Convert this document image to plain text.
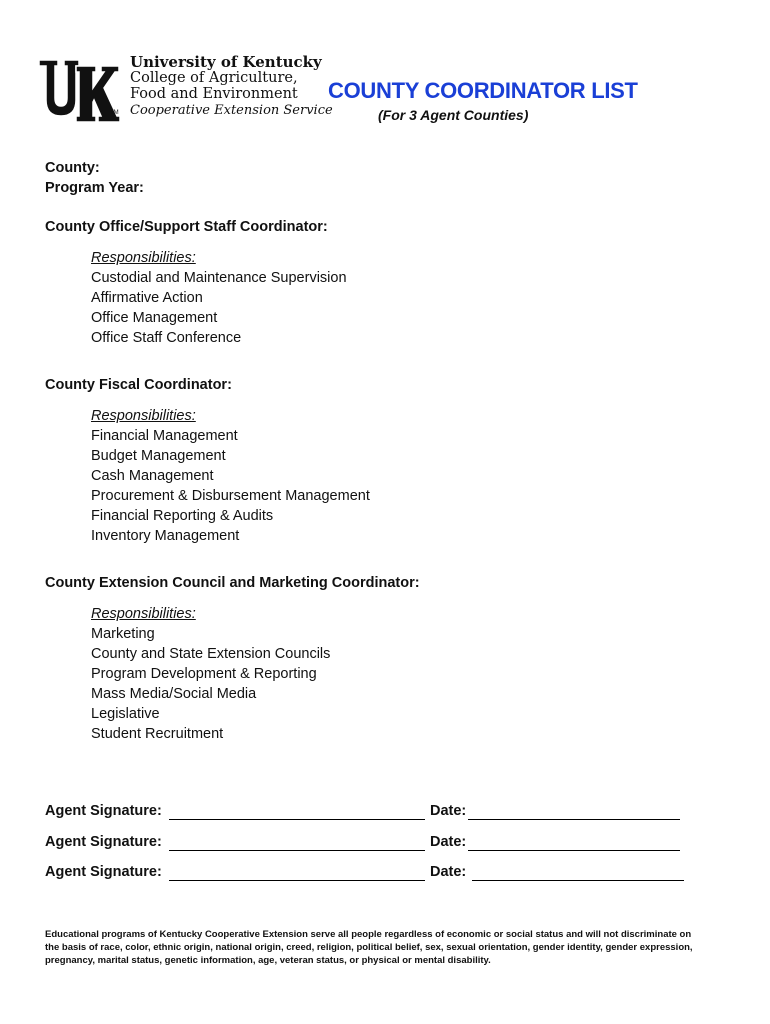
TM
University of Kentucky
College of Agriculture,
Food and Environment
Cooperative Extension Service
COUNTY COORDINATOR LIST
(For 3 Agent Counties)
County:
Program Year:
County Office/Support Staff Coordinator:
Responsibilities:
Custodial and Maintenance Supervision
Affirmative Action
Office Management
Office Staff Conference
County Fiscal Coordinator:
Responsibilities:
Financial Management
Budget Management
Cash Management
Procurement & Disbursement Management
Financial Reporting & Audits
Inventory Management
County Extension Council and Marketing Coordinator:
Responsibilities:
Marketing
County and State Extension Councils
Program Development & Reporting
Mass Media/Social Media
Legislative
Student Recruitment
Agent Signature:	Date:
Agent Signature:	Date:
Agent Signature:	Date:
Educational programs of Kentucky Cooperative Extension serve all people regardless of economic or social status and will not discriminate on the basis of race, color, ethnic origin, national origin, creed, religion, political belief, sex, sexual orientation, gender identity, gender expression, pregnancy, marital status, genetic information, age, veteran status, or physical or mental disability.
